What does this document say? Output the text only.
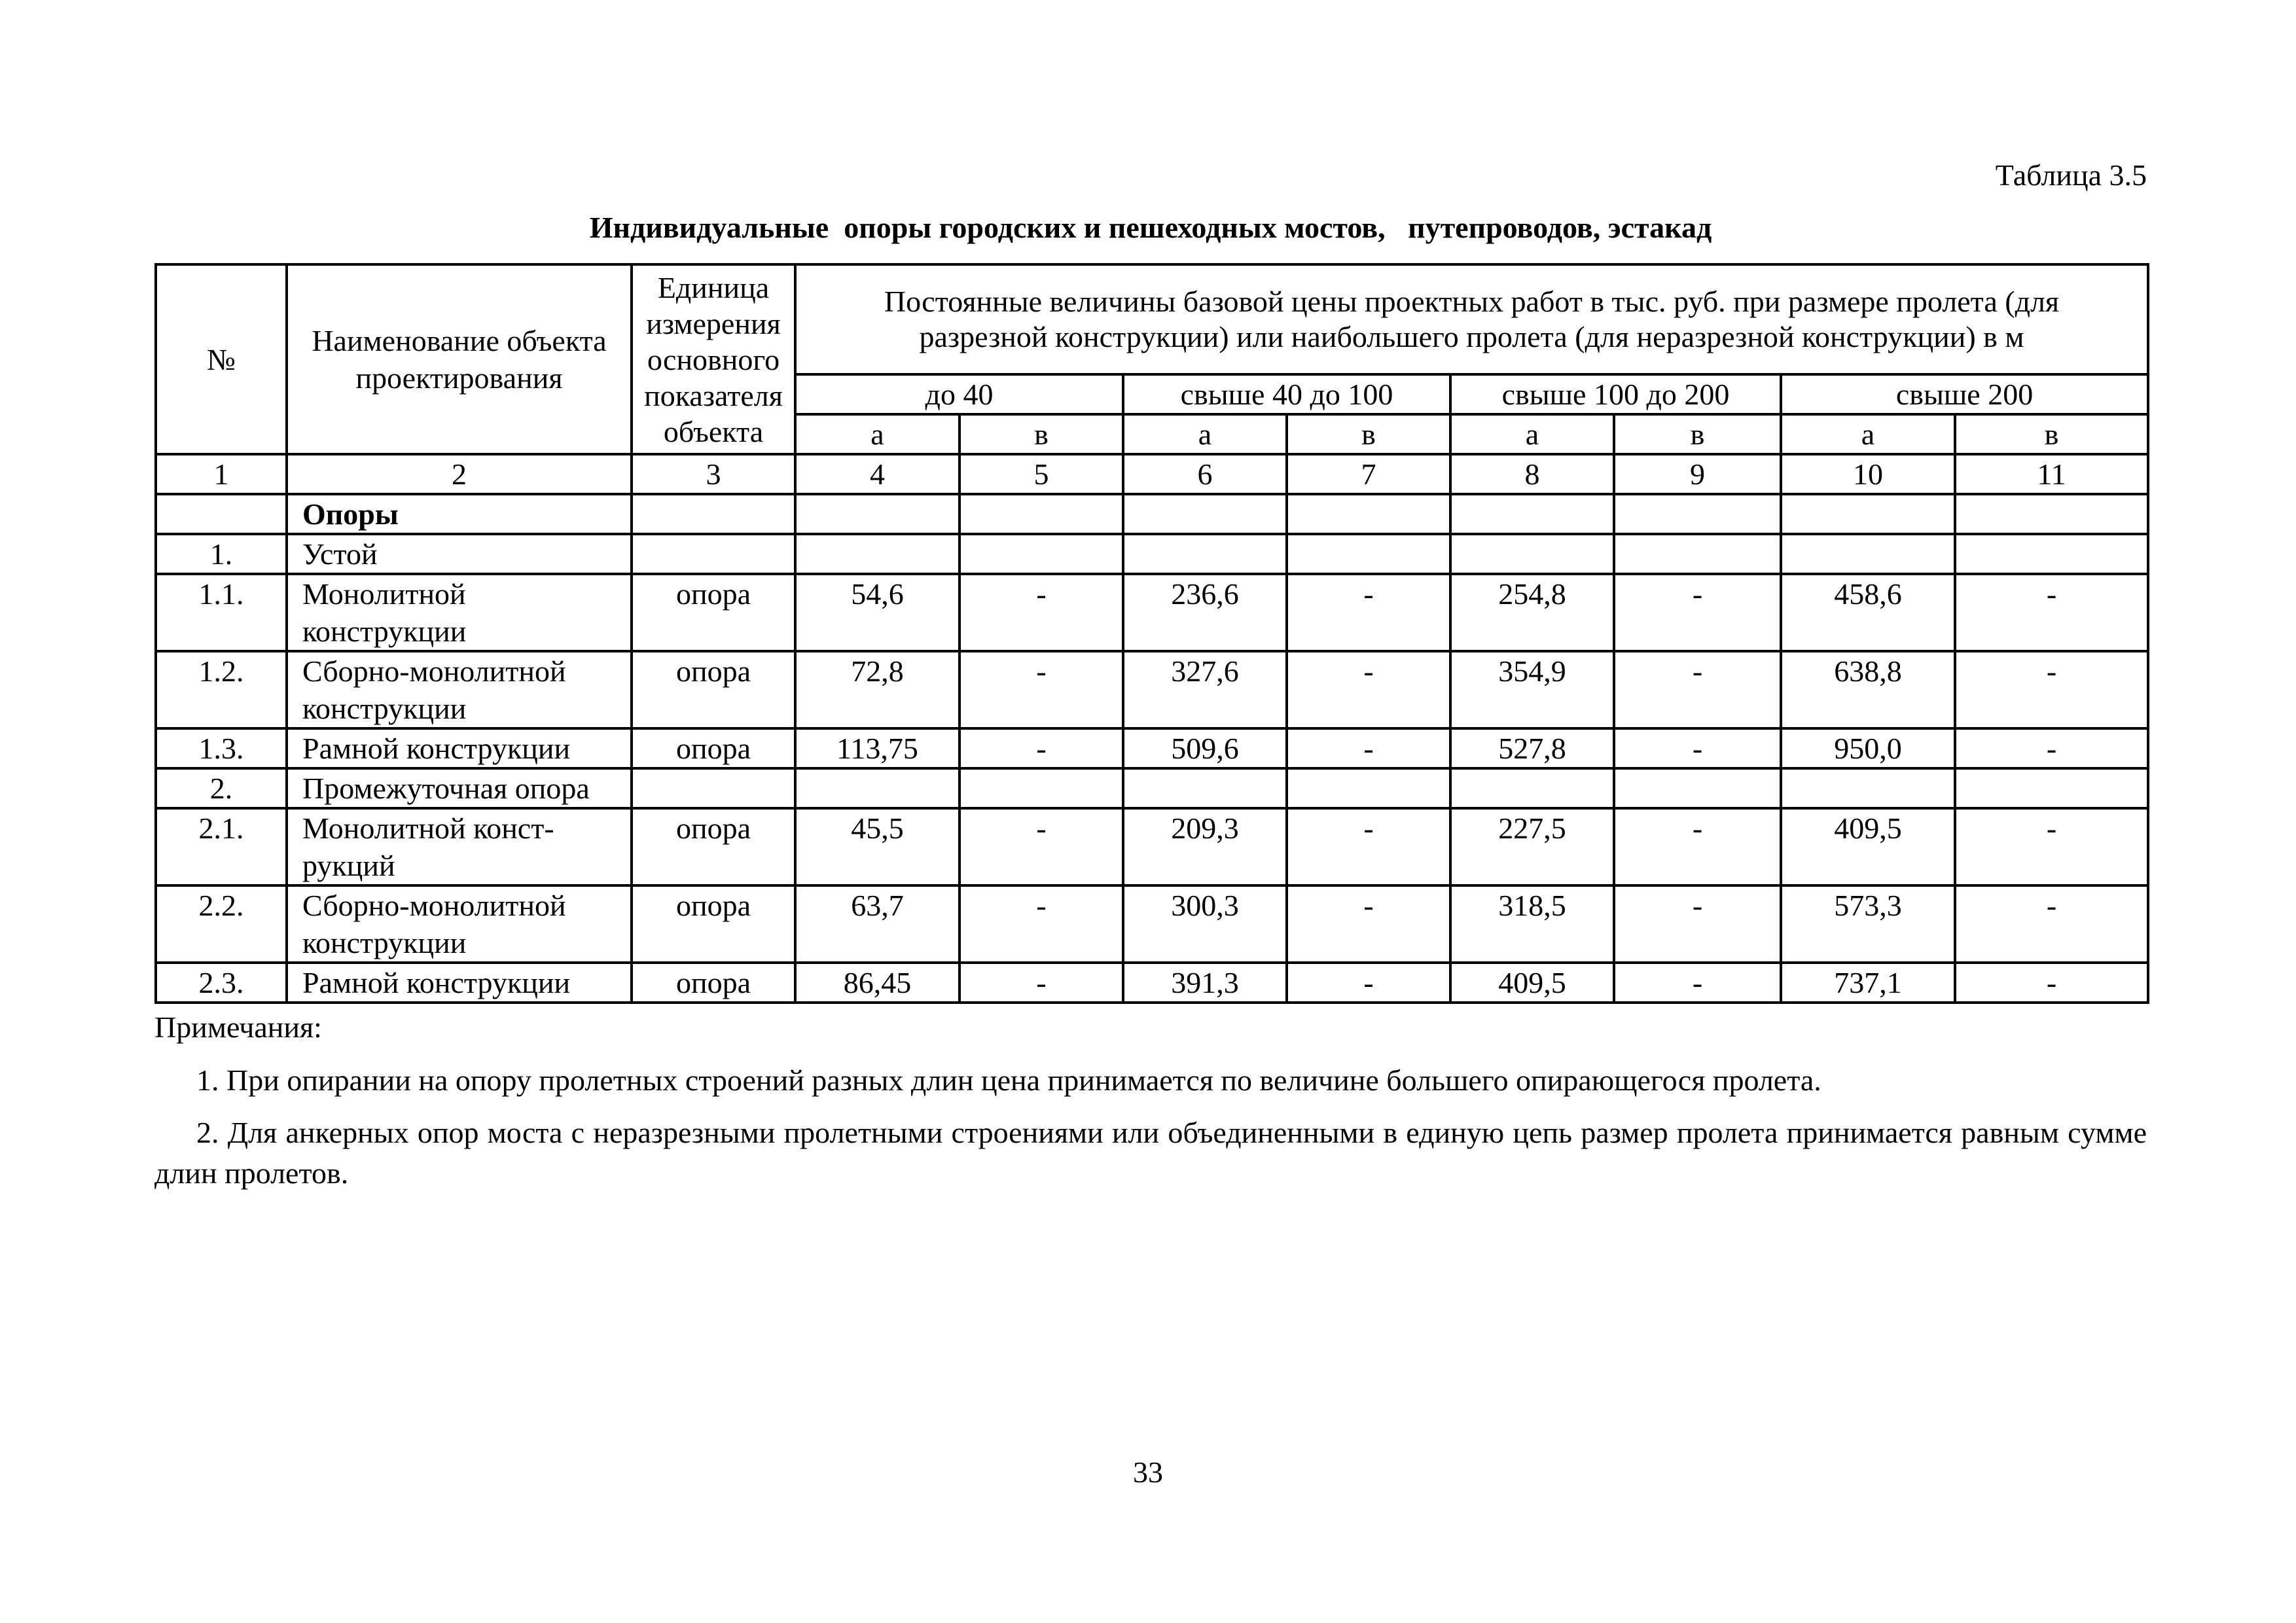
Таблица 3.5
Индивидуальные  опоры городских и пешеходных мостов,   путепроводов, эстакад
№	Наименование объекта проектирования	Единица измерения основного показателя объекта	Постоянные величины базовой цены проектных работ в тыс. руб. при размере пролета (для разрезной конструкции) или наибольшего пролета (для неразрезной конструкции) в м							
			до 40		свыше 40 до 100		свыше 100 до 200		свыше 200	
			а	в	а	в	а	в	а	в
1	2	3	4	5	6	7	8	9	10	11
	Опоры									
1.	Устой									
1.1.	Монолитной конструкции	опора	54,6	-	236,6	-	254,8	-	458,6	-
1.2.	Сборно-монолитной конструкции	опора	72,8	-	327,6	-	354,9	-	638,8	-
1.3.	Рамной конструкции	опора	113,75	-	509,6	-	527,8	-	950,0	-
2.	Промежуточная опора									
2.1.	Монолитной конст-рукций	опора	45,5	-	209,3	-	227,5	-	409,5	-
2.2.	Сборно-монолитной конструкции	опора	63,7	-	300,3	-	318,5	-	573,3	-
2.3.	Рамной конструкции	опора	86,45	-	391,3	-	409,5	-	737,1	-
Примечания:
1. При опирании на опору пролетных строений разных длин цена принимается по величине большего опирающегося пролета.
2. Для анкерных опор моста с неразрезными пролетными строениями или объединенными в единую цепь размер пролета принимается равным сумме длин пролетов.
33
